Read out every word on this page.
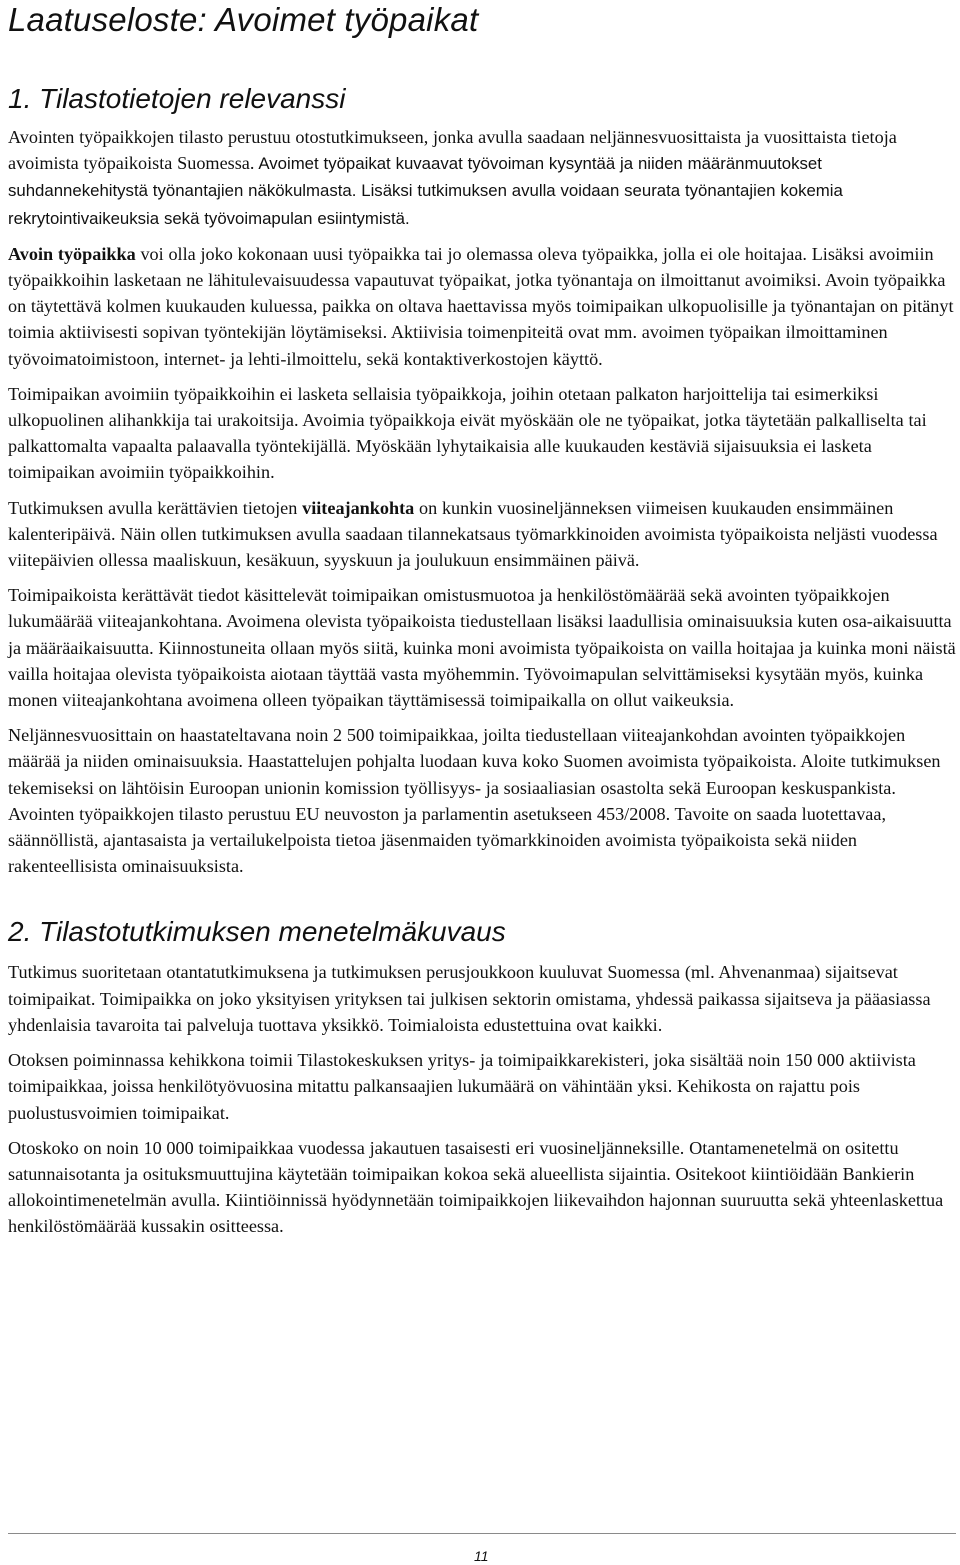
Laatuseloste: Avoimet työpaikat
1. Tilastotietojen relevanssi

Avointen työpaikkojen tilasto perustuu otostutkimukseen, jonka avulla saadaan neljännesvuosittaista ja vuosittaista tietoja avoimista työpaikoista Suomessa. Avoimet työpaikat kuvaavat työvoiman kysyntää ja niiden määränmuutokset suhdannekehitystä työnantajien näkökulmasta. Lisäksi tutkimuksen avulla voidaan seurata työnantajien kokemia rekrytointivaikeuksia sekä työvoimapulan esiintymistä.

Avoin työpaikka voi olla joko kokonaan uusi työpaikka tai jo olemassa oleva työpaikka, jolla ei ole hoitajaa. Lisäksi avoimiin työpaikkoihin lasketaan ne lähitulevaisuudessa vapautuvat työpaikat, jotka työnantaja on ilmoittanut avoimiksi. Avoin työpaikka on täytettävä kolmen kuukauden kuluessa, paikka on oltava haettavissa myös toimipaikan ulkopuolisille ja työnantajan on pitänyt toimia aktiivisesti sopivan työntekijän löytämiseksi. Aktiivisia toimenpiteitä ovat mm. avoimen työpaikan ilmoittaminen työvoimatoimistoon, internet- ja lehti-ilmoittelu, sekä kontaktiverkostojen käyttö.

Toimipaikan avoimiin työpaikkoihin ei lasketa sellaisia työpaikkoja, joihin otetaan palkaton harjoittelija tai esimerkiksi ulkopuolinen alihankkija tai urakoitsija. Avoimia työpaikkoja eivät myöskään ole ne työpaikat, jotka täytetään palkalliselta tai palkattomalta vapaalta palaavalla työntekijällä. Myöskään lyhytaikaisia alle kuukauden kestäviä sijaisuuksia ei lasketa toimipaikan avoimiin työpaikkoihin.

Tutkimuksen avulla kerättävien tietojen viiteajankohta on kunkin vuosineljänneksen viimeisen kuukauden ensimmäinen kalenteripäivä. Näin ollen tutkimuksen avulla saadaan tilannekatsaus työmarkkinoiden avoimista työpaikoista neljästi vuodessa viitepäivien ollessa maaliskuun, kesäkuun, syyskuun ja joulukuun ensimmäinen päivä.

Toimipaikoista kerättävät tiedot käsittelevät toimipaikan omistusmuotoa ja henkilöstömäärää sekä avointen työpaikkojen lukumäärää viiteajankohtana. Avoimena olevista työpaikoista tiedustellaan lisäksi laadullisia ominaisuuksia kuten osa-aikaisuutta ja määräaikaisuutta. Kiinnostuneita ollaan myös siitä, kuinka moni avoimista työpaikoista on vailla hoitajaa ja kuinka moni näistä vailla hoitajaa olevista työpaikoista aiotaan täyttää vasta myöhemmin. Työvoimapulan selvittämiseksi kysytään myös, kuinka monen viiteajankohtana avoimena olleen työpaikan täyttämisessä toimipaikalla on ollut vaikeuksia.

Neljännesvuosittain on haastateltavana noin 2 500 toimipaikkaa, joilta tiedustellaan viiteajankohdan avointen työpaikkojen määrää ja niiden ominaisuuksia. Haastattelujen pohjalta luodaan kuva koko Suomen avoimista työpaikoista. Aloite tutkimuksen tekemiseksi on lähtöisin Euroopan unionin komission työllisyys- ja sosiaaliasian osastolta sekä Euroopan keskuspankista. Avointen työpaikkojen tilasto perustuu EU neuvoston ja parlamentin asetukseen 453/2008. Tavoite on saada luotettavaa, säännöllistä, ajantasaista ja vertailukelpoista tietoa jäsenmaiden työmarkkinoiden avoimista työpaikoista sekä niiden rakenteellisista ominaisuuksista.

2. Tilastotutkimuksen menetelmäkuvaus

Tutkimus suoritetaan otantatutkimuksena ja tutkimuksen perusjoukkoon kuuluvat Suomessa (ml. Ahvenanmaa) sijaitsevat toimipaikat. Toimipaikka on joko yksityisen yrityksen tai julkisen sektorin omistama, yhdessä paikassa sijaitseva ja pääasiassa yhdenlaisia tavaroita tai palveluja tuottava yksikkö. Toimialoista edustettuina ovat kaikki.

Otoksen poiminnassa kehikkona toimii Tilastokeskuksen yritys- ja toimipaikkarekisteri, joka sisältää noin 150 000 aktiivista toimipaikkaa, joissa henkilötyövuosina mitattu palkansaajien lukumäärä on vähintään yksi. Kehikosta on rajattu pois puolustusvoimien toimipaikat.

Otoskoko on noin 10 000 toimipaikkaa vuodessa jakautuen tasaisesti eri vuosineljänneksille. Otantamenetelmä on ositettu satunnaisotanta ja osituksmuuttujina käytetään toimipaikan kokoa sekä alueellista sijaintia. Ositekoot kiintiöidään Bankierin allokointimenetelmän avulla. Kiintiöinnissä hyödynnetään toimipaikkojen liikevaihdon hajonnan suuruutta sekä yhteenlaskettua henkilöstömäärää kussakin ositteessa.

11
